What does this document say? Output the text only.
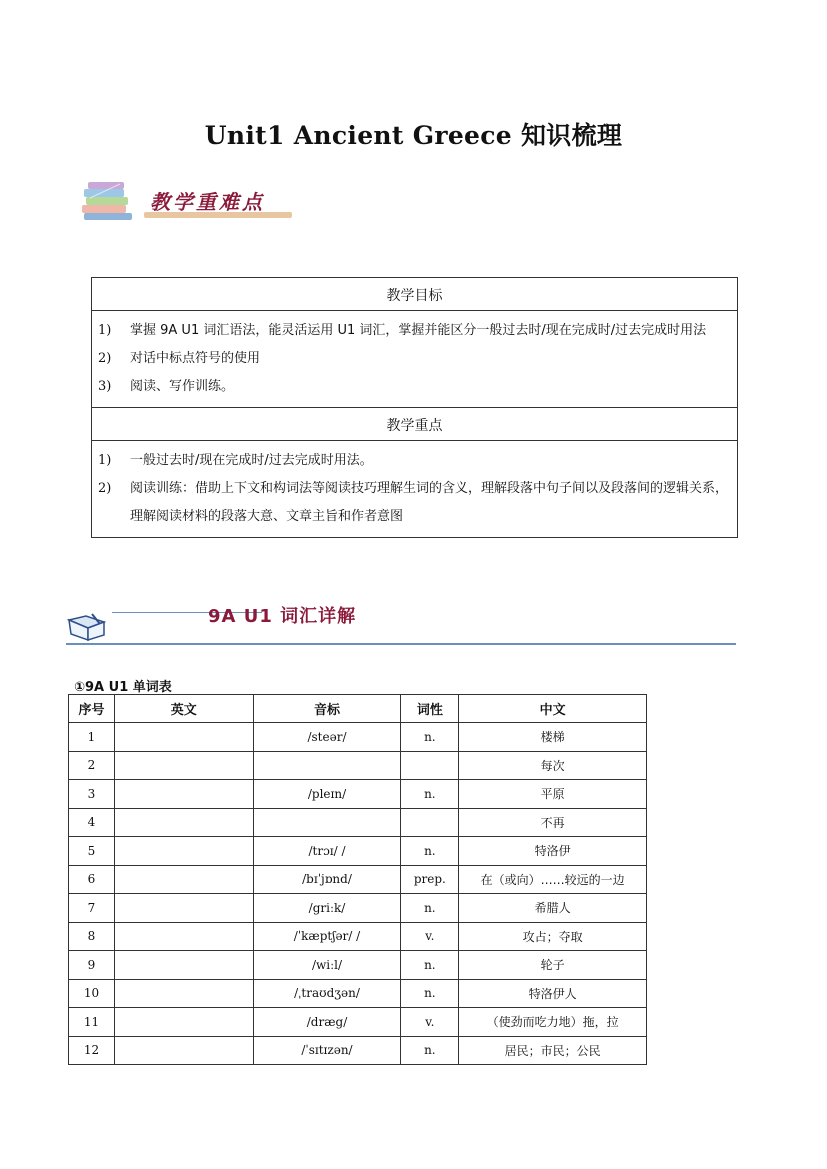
Unit1 Ancient Greece 知识梳理
教学重难点
教学目标
1)	掌握 9A U1 词汇语法，能灵活运用 U1 词汇，掌握并能区分一般过去时/现在完成时/过去完成时用法
2)	对话中标点符号的使用
3)	阅读、写作训练。
教学重点
1)	一般过去时/现在完成时/过去完成时用法。
2)	阅读训练：借助上下文和构词法等阅读技巧理解生词的含义，理解段落中句子间以及段落间的逻辑关系，理解阅读材料的段落大意、文章主旨和作者意图
9A U1 词汇详解
①9A U1 单词表
序号	英文	音标	词性	中文
1		/steər/	n.	楼梯
2				每次
3		/pleɪn/	n.	平原
4				不再
5		/trɔɪ/ /	n.	特洛伊
6		/bɪˈjɒnd/	prep.	在（或向）……较远的一边
7		/griːk/	n.	希腊人
8		/ˈkæptʃər/ /	v.	攻占；夺取
9		/wiːl/	n.	轮子
10		/ˌtraʊdʒən/	n.	特洛伊人
11		/dræg/	v.	（使劲而吃力地）拖，拉
12		/ˈsɪtɪzən/	n.	居民；市民；公民
